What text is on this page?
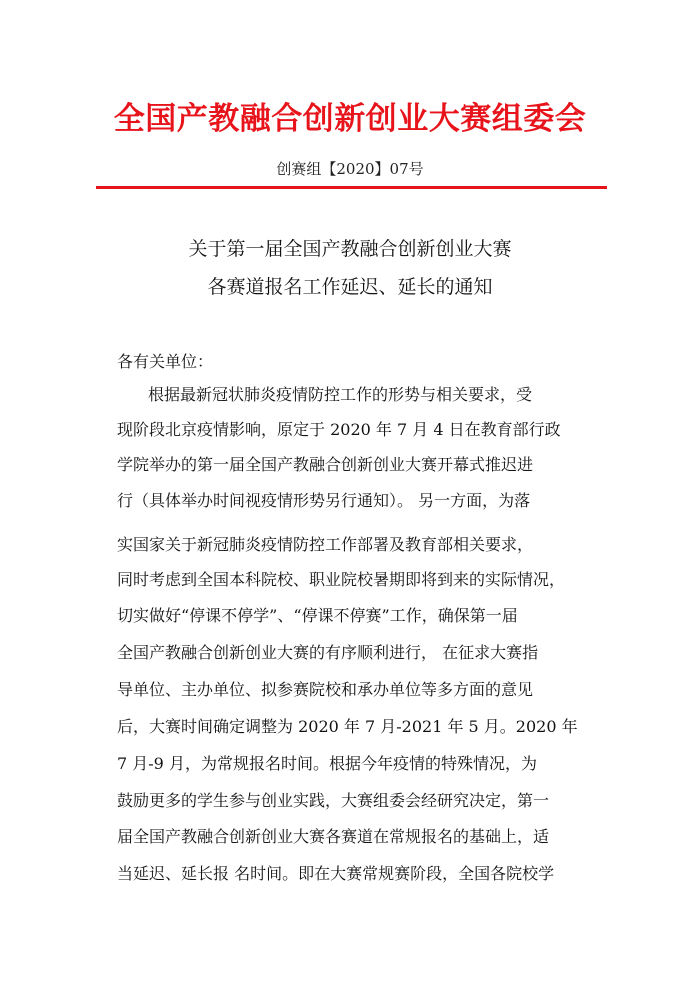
全国产教融合创新创业大赛组委会
创赛组【2020】07号
关于第一届全国产教融合创新创业大赛
各赛道报名工作延迟、延长的通知
各有关单位：
根据最新冠状肺炎疫情防控工作的形势与相关要求，受
现阶段北京疫情影响，原定于 2020 年 7 月 4 日在教育部行政
学院举办的第一届全国产教融合创新创业大赛开幕式推迟进
行（具体举办时间视疫情形势另行通知）。 另一方面，为落
实国家关于新冠肺炎疫情防控工作部署及教育部相关要求，
同时考虑到全国本科院校、职业院校暑期即将到来的实际情况，
切实做好“停课不停学”、“停课不停赛”工作，确保第一届
全国产教融合创新创业大赛的有序顺利进行， 在征求大赛指
导单位、主办单位、拟参赛院校和承办单位等多方面的意见
后，大赛时间确定调整为 2020 年 7 月-2021 年 5 月。2020 年
7 月-9 月，为常规报名时间。根据今年疫情的特殊情况，为
鼓励更多的学生参与创业实践，大赛组委会经研究决定，第一
届全国产教融合创新创业大赛各赛道在常规报名的基础上，适
当延迟、延长报 名时间。即在大赛常规赛阶段，全国各院校学
